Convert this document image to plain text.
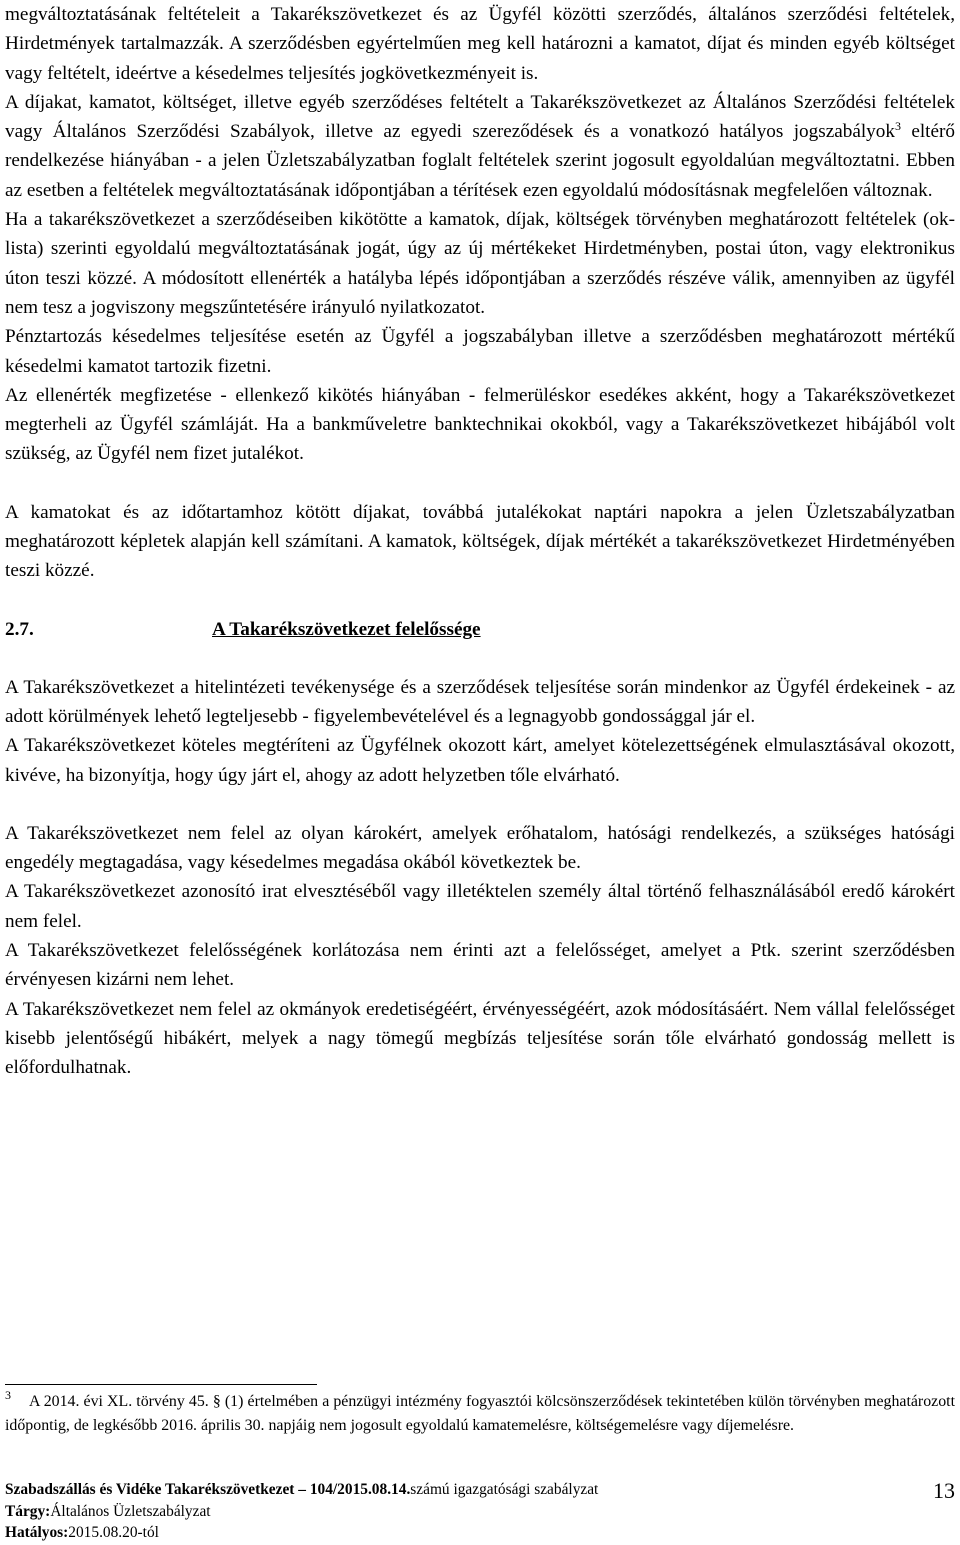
megváltoztatásának feltételeit a Takarékszövetkezet és az Ügyfél közötti szerződés, általános szerződési feltételek, Hirdetmények tartalmazzák. A szerződésben egyértelműen meg kell határozni a kamatot, díjat és minden egyéb költséget vagy feltételt, ideértve a késedelmes teljesítés jogkövetkezményeit is.

A díjakat, kamatot, költséget, illetve egyéb szerződéses feltételt a Takarékszövetkezet az Általános Szerződési feltételek vagy Általános Szerződési Szabályok, illetve az egyedi szereződések és a vonatkozó hatályos jogszabályok$^3$ eltérő rendelkezése hiányában - a jelen Üzletszabályzatban foglalt feltételek szerint jogosult egyoldalúan megváltoztatni. Ebben az esetben a feltételek megváltoztatásának időpontjában a térítések ezen egyoldalú módosításnak megfelelően változnak.

Ha a takarékszövetkezet a szerződéseiben kikötötte a kamatok, díjak, költségek törvényben meghatározott feltételek (ok-lista) szerinti egyoldalú megváltoztatásának jogát, úgy az új mértékeket Hirdetményben, postai úton, vagy elektronikus úton teszi közzé. A módosított ellenérték a hatályba lépés időpontjában a szerződés részéve válik, amennyiben az ügyfél nem tesz a jogviszony megszűntetésére irányuló nyilatkozatot.

Pénztartozás késedelmes teljesítése esetén az Ügyfél a jogszabályban illetve a szerződésben meghatározott mértékű késedelmi kamatot tartozik fizetni.

Az ellenérték megfizetése - ellenkező kikötés hiányában - felmerüléskor esedékes akként, hogy a Takarékszövetkezet megterheli az Ügyfél számláját. Ha a bankműveletre banktechnikai okokból, vagy a Takarékszövetkezet hibájából volt szükség, az Ügyfél nem fizet jutalékot.

A kamatokat és az időtartamhoz kötött díjakat, továbbá jutalékokat naptári napokra a jelen Üzletszabályzatban meghatározott képletek alapján kell számítani. A kamatok, költségek, díjak mértékét a takarékszövetkezet Hirdetményében teszi közzé.

2.7.	A Takarékszövetkezet felelőssége

A Takarékszövetkezet a hitelintézeti tevékenysége és a szerződések teljesítése során mindenkor az Ügyfél érdekeinek - az adott körülmények lehető legteljesebb - figyelembevételével és a legnagyobb gondossággal jár el.

A Takarékszövetkezet köteles megtéríteni az Ügyfélnek okozott kárt, amelyet kötelezettségének elmulasztásával okozott, kivéve, ha bizonyítja, hogy úgy járt el, ahogy az adott helyzetben tőle elvárható.

A Takarékszövetkezet nem felel az olyan károkért, amelyek erőhatalom, hatósági rendelkezés, a szükséges hatósági engedély megtagadása, vagy késedelmes megadása okából következtek be.

A Takarékszövetkezet azonosító irat elvesztéséből vagy illetéktelen személy által történő felhasználásából eredő károkért nem felel.

A Takarékszövetkezet felelősségének korlátozása nem érinti azt a felelősséget, amelyet a Ptk. szerint szerződésben érvényesen kizárni nem lehet.

A Takarékszövetkezet nem felel az okmányok eredetiségéért, érvényességéért, azok módosításáért. Nem vállal felelősséget kisebb jelentőségű hibákért, melyek a nagy tömegű megbízás teljesítése során tőle elvárható gondosság mellett is előfordulhatnak.

$^3$ A 2014. évi XL. törvény 45. § (1) értelmében a pénzügyi intézmény fogyasztói kölcsönszerződések tekintetében külön törvényben meghatározott időpontig, de legkésőbb 2016. április 30. napjáig nem jogosult egyoldalú kamatemelésre, költségemelésre vagy díjemelésre.
Szabadszállás és Vidéke Takarékszövetkezet – 104/2015.08.14. számú igazgatósági szabályzat
Tárgy: Általános Üzletszabályzat
Hatályos: 2015.08.20-tól
13
